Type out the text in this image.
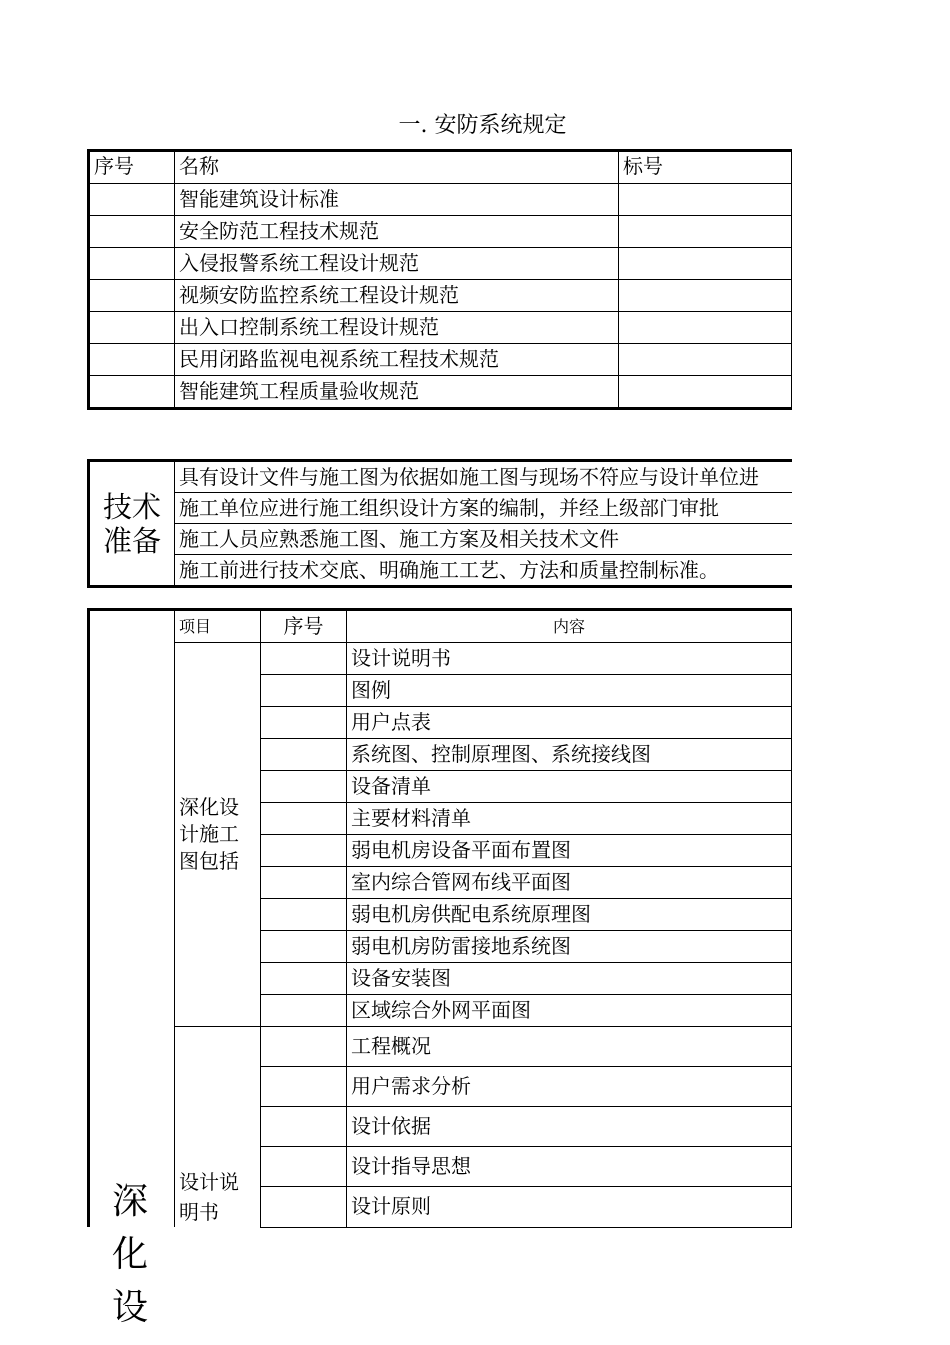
一. 安防系统规定
序号	名称	标号
	智能建筑设计标准	
	安全防范工程技术规范	
	入侵报警系统工程设计规范	
	视频安防监控系统工程设计规范	
	出入口控制系统工程设计规范	
	民用闭路监视电视系统工程技术规范	
	智能建筑工程质量验收规范	
技术
准备
	具有设计文件与施工图为依据如施工图与现场不符应与设计单位进
施工单位应进行施工组织设计方案的编制，并经上级部门审批
施工人员应熟悉施工图、施工方案及相关技术文件
施工前进行技术交底、明确施工工艺、方法和质量控制标准。
	项目	序号	内容
	深化设计施工图包括		设计说明书
			图例
			用户点表
			系统图、控制原理图、系统接线图
			设备清单
			主要材料清单
			弱电机房设备平面布置图
			室内综合管网布线平面图
			弱电机房供配电系统原理图
			弱电机房防雷接地系统图
			设备安装图
			区域综合外网平面图
	设计说明书		工程概况
			用户需求分析
			设计依据
			设计指导思想
			设计原则
深
化
设
